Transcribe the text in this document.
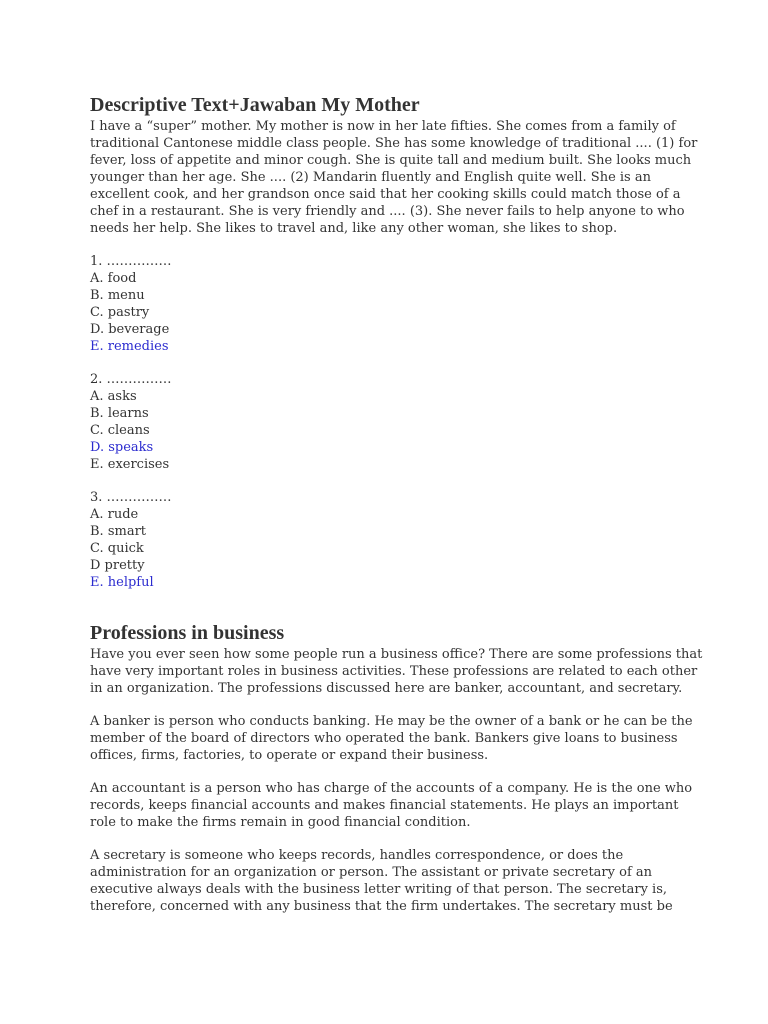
Descriptive Text+Jawaban My Mother
I have a “super” mother. My mother is now in her late fifties. She comes from a family of
traditional Cantonese middle class people. She has some knowledge of traditional .... (1) for
fever, loss of appetite and minor cough. She is quite tall and medium built. She looks much
younger than her age. She .... (2) Mandarin fluently and English quite well. She is an
excellent cook, and her grandson once said that her cooking skills could match those of a
chef in a restaurant. She is very friendly and .... (3). She never fails to help anyone to who
needs her help. She likes to travel and, like any other woman, she likes to shop.
1. ……………
A. food
B. menu
C. pastry
D. beverage
E. remedies
2. ……………
A. asks
B. learns
C. cleans
D. speaks
E. exercises
3. ……………
A. rude
B. smart
C. quick
D pretty
E. helpful
Professions in business
Have you ever seen how some people run a business office? There are some professions that
have very important roles in business activities. These professions are related to each other
in an organization. The professions discussed here are banker, accountant, and secretary.
A banker is person who conducts banking. He may be the owner of a bank or he can be the
member of the board of directors who operated the bank. Bankers give loans to business
offices, firms, factories, to operate or expand their business.
An accountant is a person who has charge of the accounts of a company. He is the one who
records, keeps financial accounts and makes financial statements. He plays an important
role to make the firms remain in good financial condition.
A secretary is someone who keeps records, handles correspondence, or does the
administration for an organization or person. The assistant or private secretary of an
executive always deals with the business letter writing of that person. The secretary is,
therefore, concerned with any business that the firm undertakes. The secretary must be
